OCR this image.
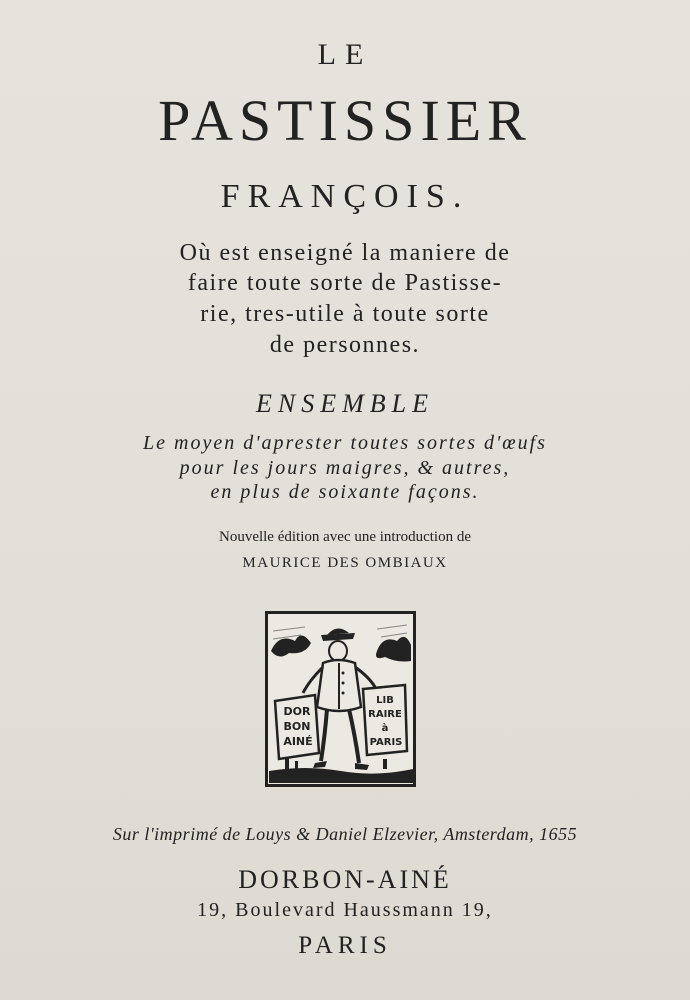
LE
PASTISSIER
FRANÇOIS.
Où est enseigné la maniere de
faire toute sorte de Pastisse-
rie, tres-utile à toute sorte
de personnes.
ENSEMBLE
Le moyen d'aprester toutes sortes d'œufs
pour les jours maigres, & autres,
en plus de soixante façons.
Nouvelle édition avec une introduction de
MAURICE DES OMBIAUX
DOR
BON
AINÉ
LIB
RAIRE
à
PARIS
Sur l'imprimé de Louys & Daniel Elzevier, Amsterdam, 1655
DORBON-AINÉ
19, Boulevard Haussmann 19,
PARIS
